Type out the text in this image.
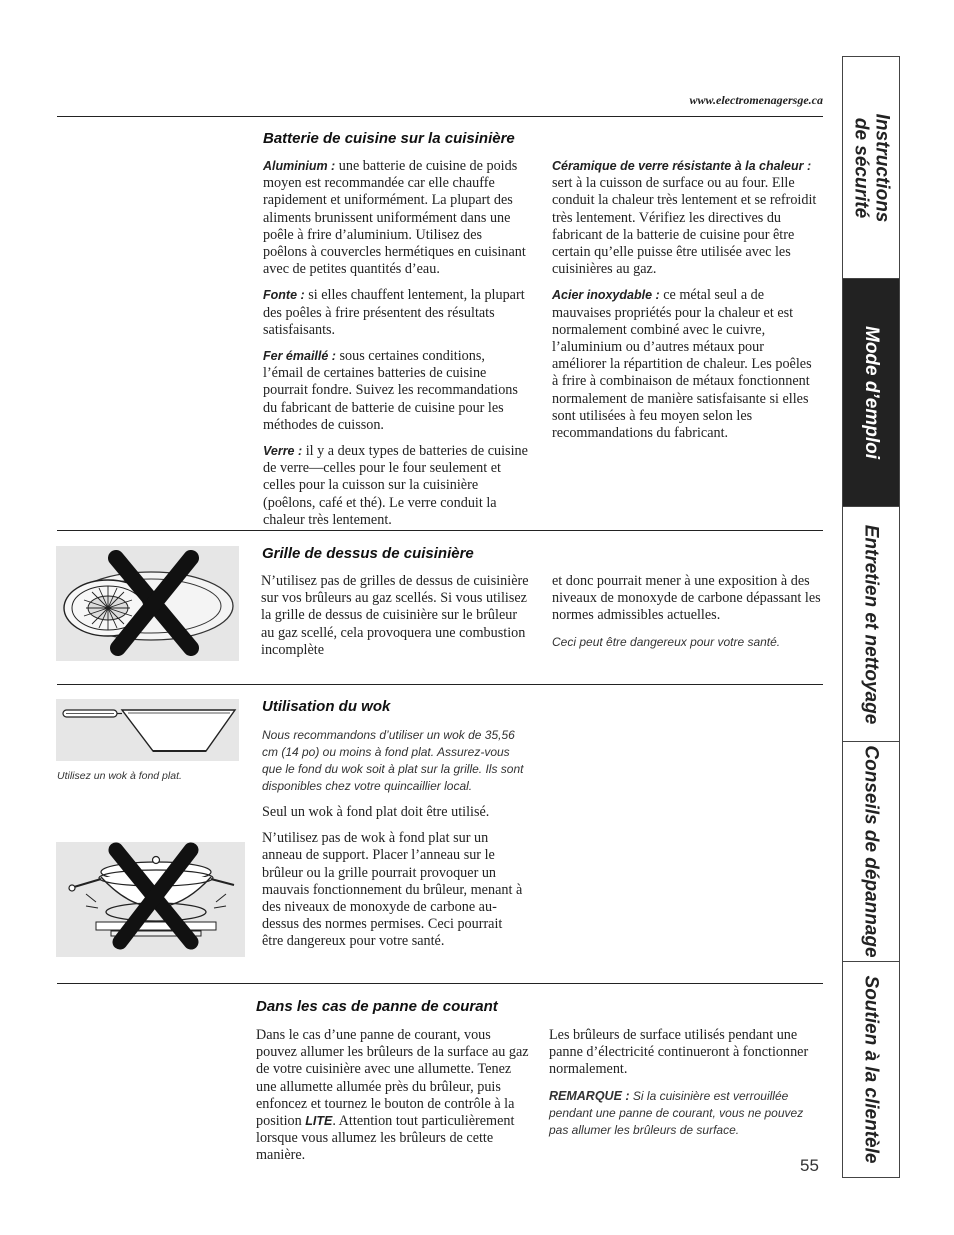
www.electromenagersge.ca
Batterie de cuisine sur la cuisinière

Aluminium : une batterie de cuisine de poids moyen est recommandée car elle chauffe rapidement et uniformément. La plupart des aliments brunissent uniformément dans une poêle à frire d’aluminium. Utilisez des poêlons à couvercles hermétiques en cuisinant avec de petites quantités d’eau.

Fonte : si elles chauffent lentement, la plupart des poêles à frire présentent des résultats satisfaisants.

Fer émaillé : sous certaines conditions, l’émail de certaines batteries de cuisine pourrait fondre. Suivez les recommandations du fabricant de batterie de cuisine pour les méthodes de cuisson.

Verre : il y a deux types de batteries de cuisine de verre—celles pour le four seulement et celles pour la cuisson sur la cuisinière (poêlons, café et thé). Le verre conduit la chaleur très lentement.

Céramique de verre résistante à la chaleur : sert à la cuisson de surface ou au four. Elle conduit la chaleur très lentement et se refroidit très lentement. Vérifiez les directives du fabricant de la batterie de cuisine pour être certain qu’elle puisse être utilisée avec les cuisinières au gaz.

Acier inoxydable : ce métal seul a de mauvaises propriétés pour la chaleur et est normalement combiné avec le cuivre, l’aluminium ou d’autres métaux pour améliorer la répartition de chaleur. Les poêles à frire à combinaison de métaux fonctionnent normalement de manière satisfaisante si elles sont utilisées à feu moyen selon les recommandations du fabricant.

Grille de dessus de cuisinière

N’utilisez pas de grilles de dessus de cuisinière sur vos brûleurs au gaz scellés. Si vous utilisez la grille de dessus de cuisinière sur le brûleur au gaz scellé, cela provoquera une combustion incomplète

et donc pourrait mener à une exposition à des niveaux de monoxyde de carbone dépassant les normes admissibles actuelles.

Ceci peut être dangereux pour votre santé.
Utilisez un wok à fond plat.
Utilisation du wok
Nous recommandons d’utiliser un wok de 35,56 cm (14 po) ou moins à fond plat. Assurez-vous que le fond du wok soit à plat sur la grille. Ils sont disponibles chez votre quincaillier local.

Seul un wok à fond plat doit être utilisé.

N’utilisez pas de wok à fond plat sur un anneau de support. Placer l’anneau sur le brûleur ou la grille pourrait provoquer un mauvais fonctionnement du brûleur, menant à des niveaux de monoxyde de carbone au-dessus des normes permises. Ceci pourrait être dangereux pour votre santé.

Dans les cas de panne de courant

Dans le cas d’une panne de courant, vous pouvez allumer les brûleurs de la surface au gaz de votre cuisinière avec une allumette. Tenez une allumette allumée près du brûleur, puis enfoncez et tournez le bouton de contrôle à la position LITE. Attention tout particulièrement lorsque vous allumez les brûleurs de cette manière.

Les brûleurs de surface utilisés pendant une panne d’électricité continueront à fonctionner normalement.

REMARQUE : Si la cuisinière est verrouillée pendant une panne de courant, vous ne pouvez pas allumer les brûleurs de surface.
55
Instructions
de sécurité
Mode d’emploi
Entretien et nettoyage
Conseils de dépannage
Soutien à la clientèle
